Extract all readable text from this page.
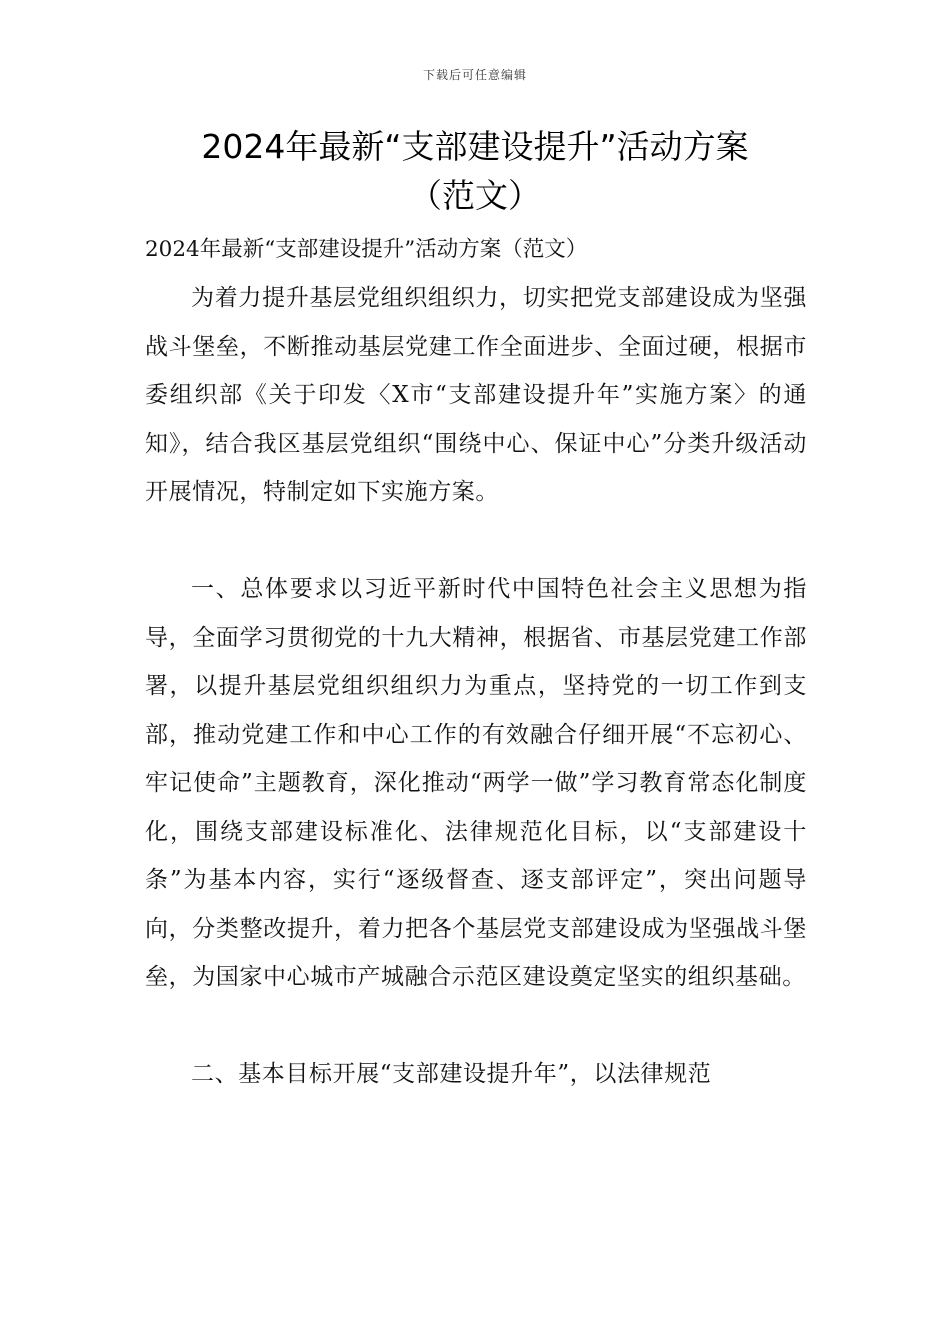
下载后可任意编辑
2024年最新“支部建设提升”活动方案
（范文）

2024年最新“支部建设提升”活动方案（范文）

为着力提升基层党组织组织力，切实把党支部建设成为坚强战斗堡垒，不断推动基层党建工作全面进步、全面过硬，根据市委组织部《关于印发〈X市“支部建设提升年”实施方案〉的通知》，结合我区基层党组织“围绕中心、保证中心”分类升级活动开展情况，特制定如下实施方案。

一、总体要求以习近平新时代中国特色社会主义思想为指导，全面学习贯彻党的十九大精神，根据省、市基层党建工作部署，以提升基层党组织组织力为重点，坚持党的一切工作到支部，推动党建工作和中心工作的有效融合仔细开展“不忘初心、牢记使命”主题教育，深化推动“两学一做”学习教育常态化制度化，围绕支部建设标准化、法律规范化目标，以“支部建设十条”为基本内容，实行“逐级督查、逐支部评定”，突出问题导向，分类整改提升，着力把各个基层党支部建设成为坚强战斗堡垒，为国家中心城市产城融合示范区建设奠定坚实的组织基础。

二、基本目标开展“支部建设提升年”，以法律规范
